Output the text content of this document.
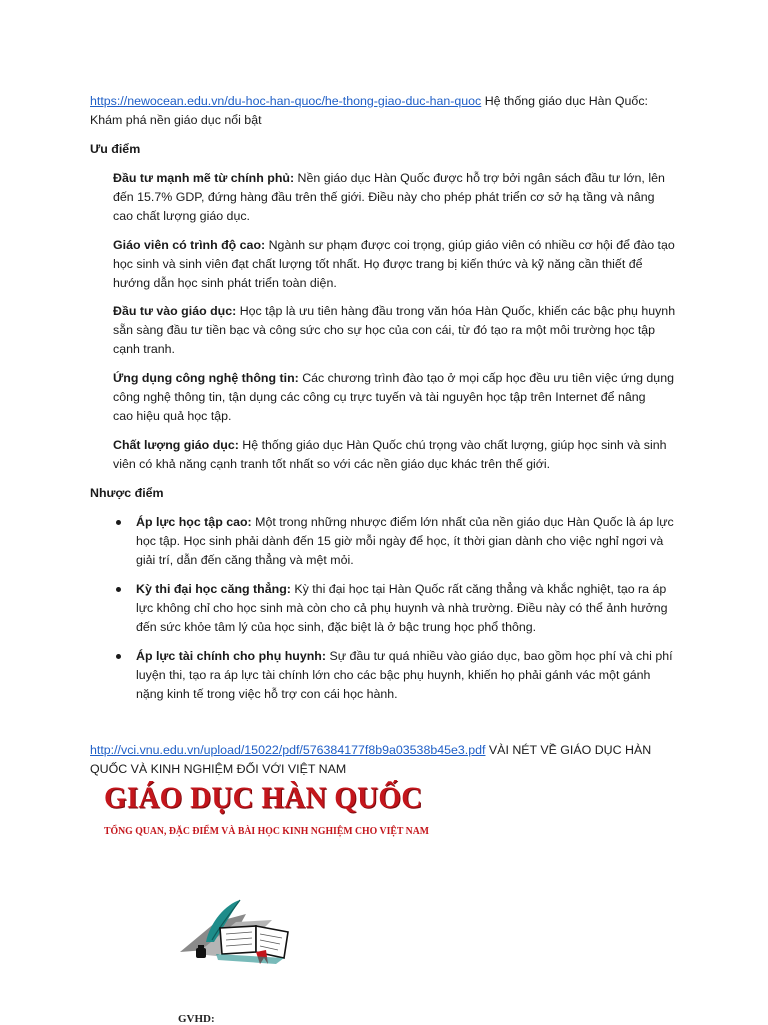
https://newocean.edu.vn/du-hoc-han-quoc/he-thong-giao-duc-han-quoc Hệ thống giáo dục Hàn Quốc:
Khám phá nền giáo dục nổi bật
Ưu điểm
Đầu tư mạnh mẽ từ chính phủ: Nền giáo dục Hàn Quốc được hỗ trợ bởi ngân sách đầu tư lớn, lên
đến 15.7% GDP, đứng hàng đầu trên thế giới. Điều này cho phép phát triển cơ sở hạ tầng và nâng
cao chất lượng giáo dục.
Giáo viên có trình độ cao: Ngành sư phạm được coi trọng, giúp giáo viên có nhiều cơ hội để đào tạo
học sinh và sinh viên đạt chất lượng tốt nhất. Họ được trang bị kiến thức và kỹ năng cần thiết để
hướng dẫn học sinh phát triển toàn diện.
Đầu tư vào giáo dục: Học tập là ưu tiên hàng đầu trong văn hóa Hàn Quốc, khiến các bậc phụ huynh
sẵn sàng đầu tư tiền bạc và công sức cho sự học của con cái, từ đó tạo ra một môi trường học tập
cạnh tranh.
Ứng dụng công nghệ thông tin: Các chương trình đào tạo ở mọi cấp học đều ưu tiên việc ứng dụng
công nghệ thông tin, tận dụng các công cụ trực tuyến và tài nguyên học tập trên Internet để nâng
cao hiệu quả học tập.
Chất lượng giáo dục: Hệ thống giáo dục Hàn Quốc chú trọng vào chất lượng, giúp học sinh và sinh
viên có khả năng cạnh tranh tốt nhất so với các nền giáo dục khác trên thế giới.
Nhược điểm
Áp lực học tập cao: Một trong những nhược điểm lớn nhất của nền giáo dục Hàn Quốc là áp lực
học tập. Học sinh phải dành đến 15 giờ mỗi ngày để học, ít thời gian dành cho việc nghỉ ngơi và
giải trí, dẫn đến căng thẳng và mệt mỏi.
Kỳ thi đại học căng thẳng: Kỳ thi đại học tại Hàn Quốc rất căng thẳng và khắc nghiệt, tạo ra áp
lực không chỉ cho học sinh mà còn cho cả phụ huynh và nhà trường. Điều này có thể ảnh hưởng
đến sức khỏe tâm lý của học sinh, đặc biệt là ở bậc trung học phổ thông.
Áp lực tài chính cho phụ huynh: Sự đầu tư quá nhiều vào giáo dục, bao gồm học phí và chi phí
luyện thi, tạo ra áp lực tài chính lớn cho các bậc phụ huynh, khiến họ phải gánh vác một gánh
nặng kinh tế trong việc hỗ trợ con cái học hành.
http://vci.vnu.edu.vn/upload/15022/pdf/576384177f8b9a03538b45e3.pdf VÀI NÉT VỀ GIÁO DỤC HÀN
QUỐC VÀ KINH NGHIỆM ĐỐI VỚI VIỆT NAM
GIÁO DỤC HÀN QUỐC
TỔNG QUAN, ĐẶC ĐIỂM VÀ BÀI HỌC KINH NGHIỆM CHO VIỆT NAM
GVHD:
